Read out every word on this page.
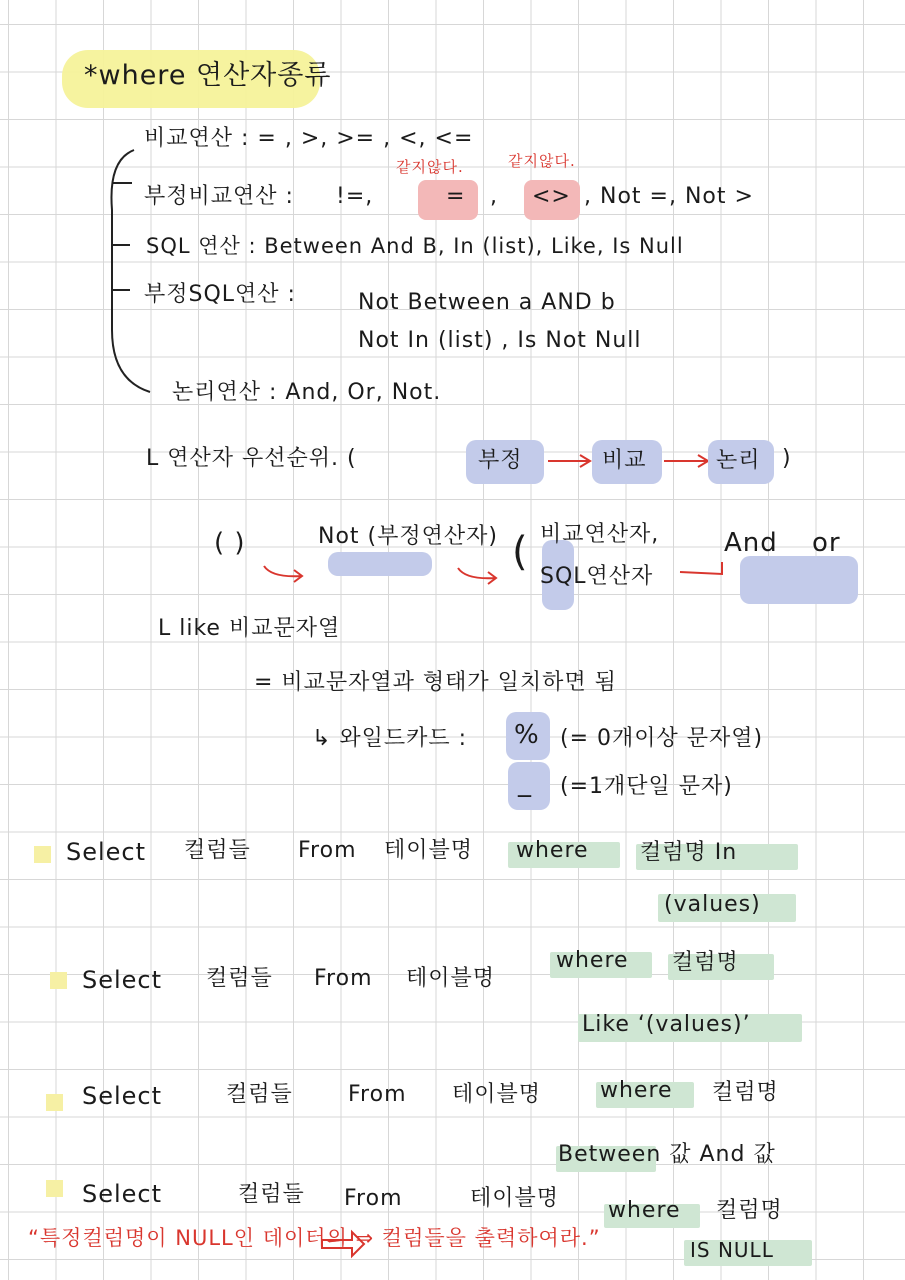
*where 연산자종류
비교연산 : = , >, >= , <, <=
같지않다.	같지않다.
부정비교연산 : !=,	= , <> , Not =, Not >
SQL 연산 : Between And B, In (list), Like, Is Null
부정SQL연산 :	Not Between a AND b
Not In (list) , Is Not Null
논리연산 : And, Or, Not.
L 연산자 우선순위. (	부정	비교	논리 )
( )	Not (부정연산자) ( 비교연산자,
SQL연산자
And or
L like 비교문자열
= 비교문자열과 형태가 일치하면 됨
↳ 와일드카드 : % (= 0개이상 문자열)
_ (=1개단일 문자)
Select 컬럼들 From 테이블명 where 컬럼명 In
(values)
Select 컬럼들 From 테이블명
where 컬럼명
Like ‘(values)’
Select	컬럼들	From 테이블명	where 컬럼명
Between 값 And 값
Select	컬럼들 From	테이블명 where 컬럼명
IS NULL
“특정컬럼명이 NULL인 데이터의 ⇒ 컬럼들을 출력하여라.”
